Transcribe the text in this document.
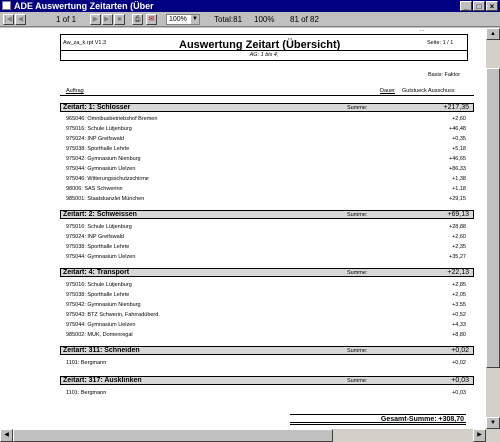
ADE Auswertung Zeitarten (Über	_	□	×
|◀ ◀	1 of 1	▶ ▶| ■	⎙	✉	100% ▼ Total:81 100% 81 of 82
...
Aw_za_k.rpt V1.3	Auswertung Zeitart (Übersicht)	Seite: 1 / 1
AG: 1 bis 4;
Basis: Faktor
Auftrag	Dauer Gutstueck Ausschuss
Zeitart: 1: Schlosser	Summe:	+217,35
965046: Omnibusbetriebshof Bremen	+2,60
975016: Schule Lütjenburg	+46,48
975024: INP Greifswald	+0,35
975038: Sporthalle Lehrte	+5,18
975042: Gymnasium Nienburg	+46,65
975044: Gymnasium Uelzen	+86,33
975046: Witterungsschutzschirme	+1,38
98006: SAS Schwerinn	+1,18
985001: Staatskanzlei München	+29,15
Zeitart: 2: Schweissen	Summe:	+69,13
975016: Schule Lütjenburg	+28,88
975024: INP Greifswald	+2,60
975038: Sporthalle Lehrte	+2,35
975044: Gymnasium Uelzen	+35,27
Zeitart: 4: Transport	Summe:	+22,13
975016: Schule Lütjenburg	+2,85
975038: Sporthalle Lehrte	+2,05
975042: Gymnasium Nienburg	+3,55
975043: BTZ Schwerin, Fahrradüberd.	+0,52
975044: Gymnasium Uelzen	+4,33
985002: MUK, Domenregal	+8,80
Zeitart: 311: Schneiden	Summe:	+0,02
1101: Bergmann	+0,02
Zeitart: 317: Ausklinken	Summe:	+0,03
1101: Bergmann	+0,03
Gesamt-Summe: +308,70
▲
▼
◀	▶
